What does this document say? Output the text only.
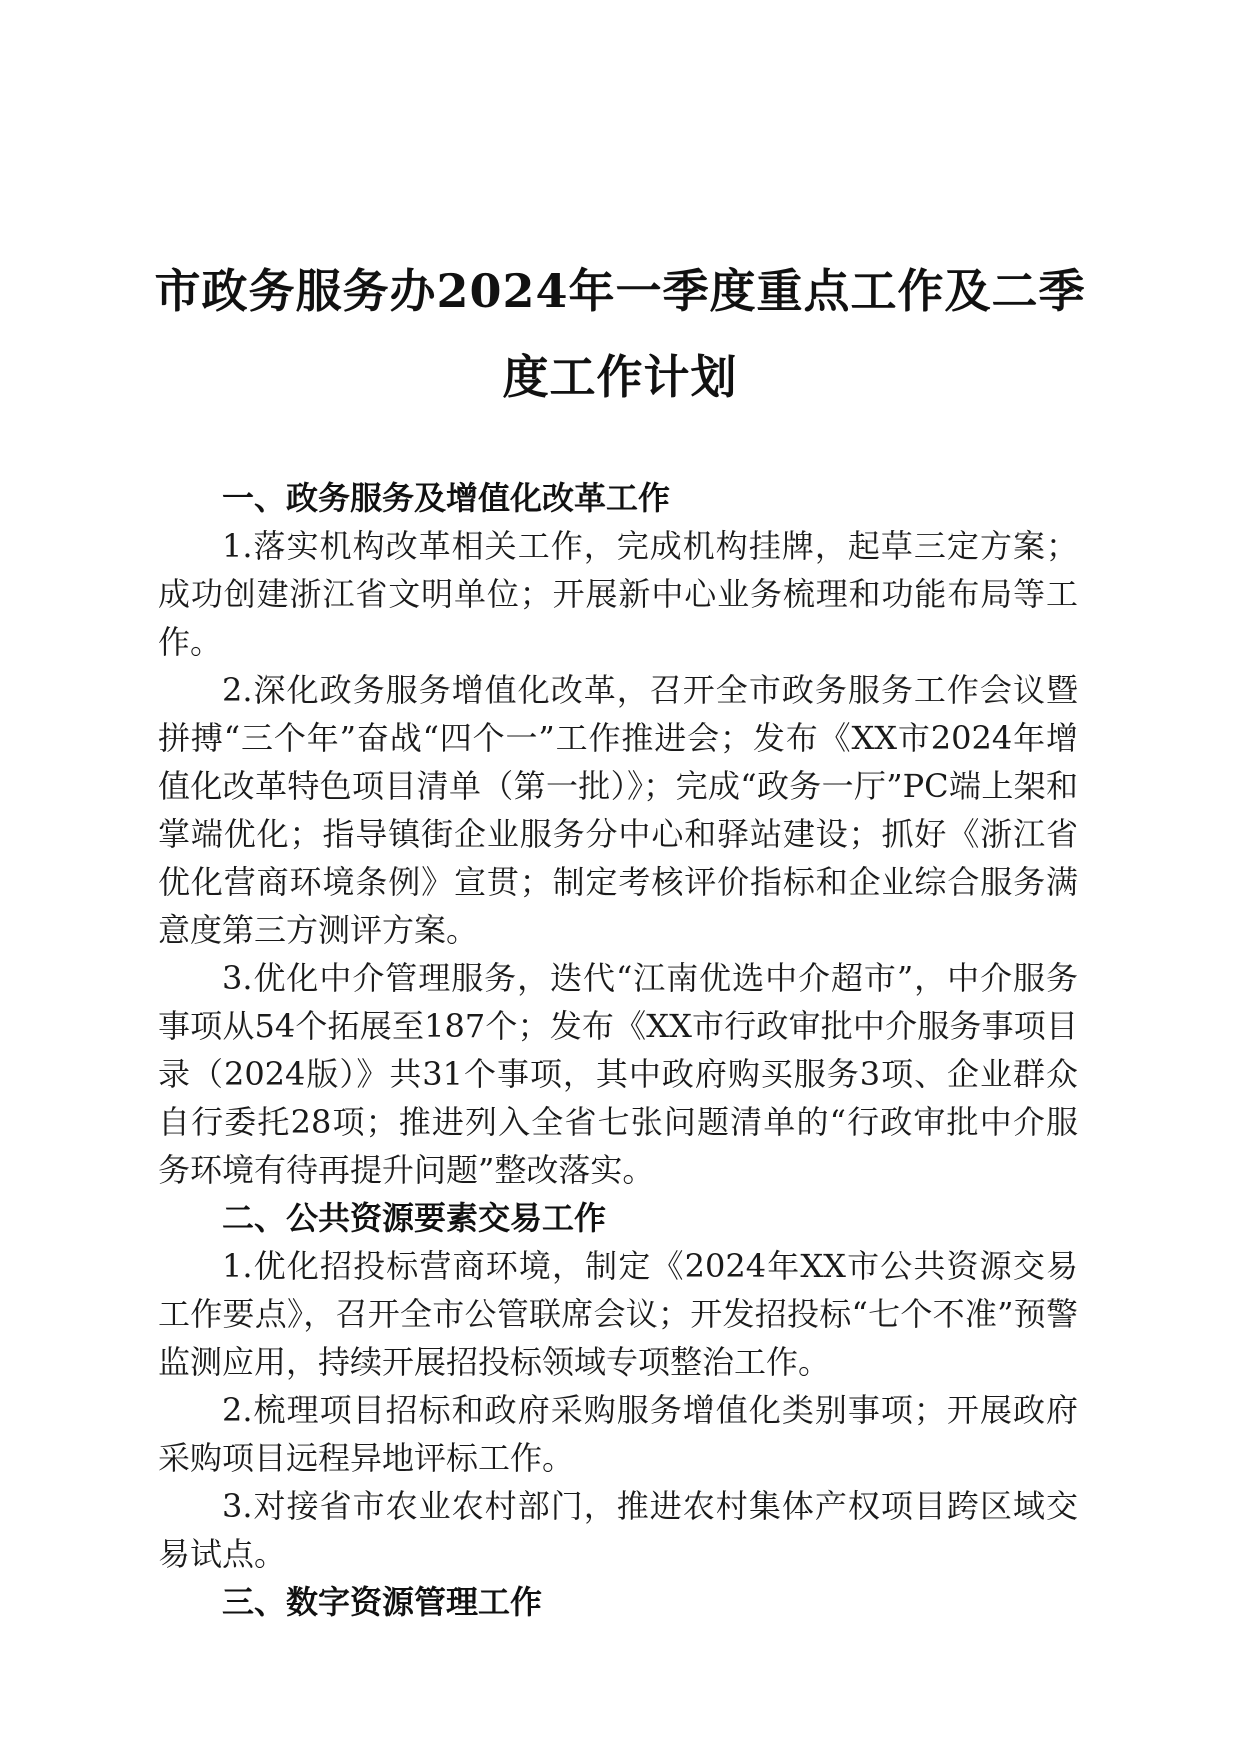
市政务服务办2024年一季度重点工作及二季
度工作计划

一、政务服务及增值化改革工作

1.落实机构改革相关工作，完成机构挂牌，起草三定方案；成功创建浙江省文明单位；开展新中心业务梳理和功能布局等工作。

2.深化政务服务增值化改革，召开全市政务服务工作会议暨拼搏“三个年”奋战“四个一”工作推进会；发布《XX市2024年增值化改革特色项目清单（第一批）》；完成“政务一厅”PC端上架和掌端优化；指导镇街企业服务分中心和驿站建设；抓好《浙江省优化营商环境条例》宣贯；制定考核评价指标和企业综合服务满意度第三方测评方案。

3.优化中介管理服务，迭代“江南优选中介超市”，中介服务事项从54个拓展至187个；发布《XX市行政审批中介服务事项目录（2024版）》共31个事项，其中政府购买服务3项、企业群众自行委托28项；推进列入全省七张问题清单的“行政审批中介服务环境有待再提升问题”整改落实。

二、公共资源要素交易工作

1.优化招投标营商环境，制定《2024年XX市公共资源交易工作要点》，召开全市公管联席会议；开发招投标“七个不准”预警监测应用，持续开展招投标领域专项整治工作。

2.梳理项目招标和政府采购服务增值化类别事项；开展政府采购项目远程异地评标工作。

3.对接省市农业农村部门，推进农村集体产权项目跨区域交易试点。

三、数字资源管理工作
